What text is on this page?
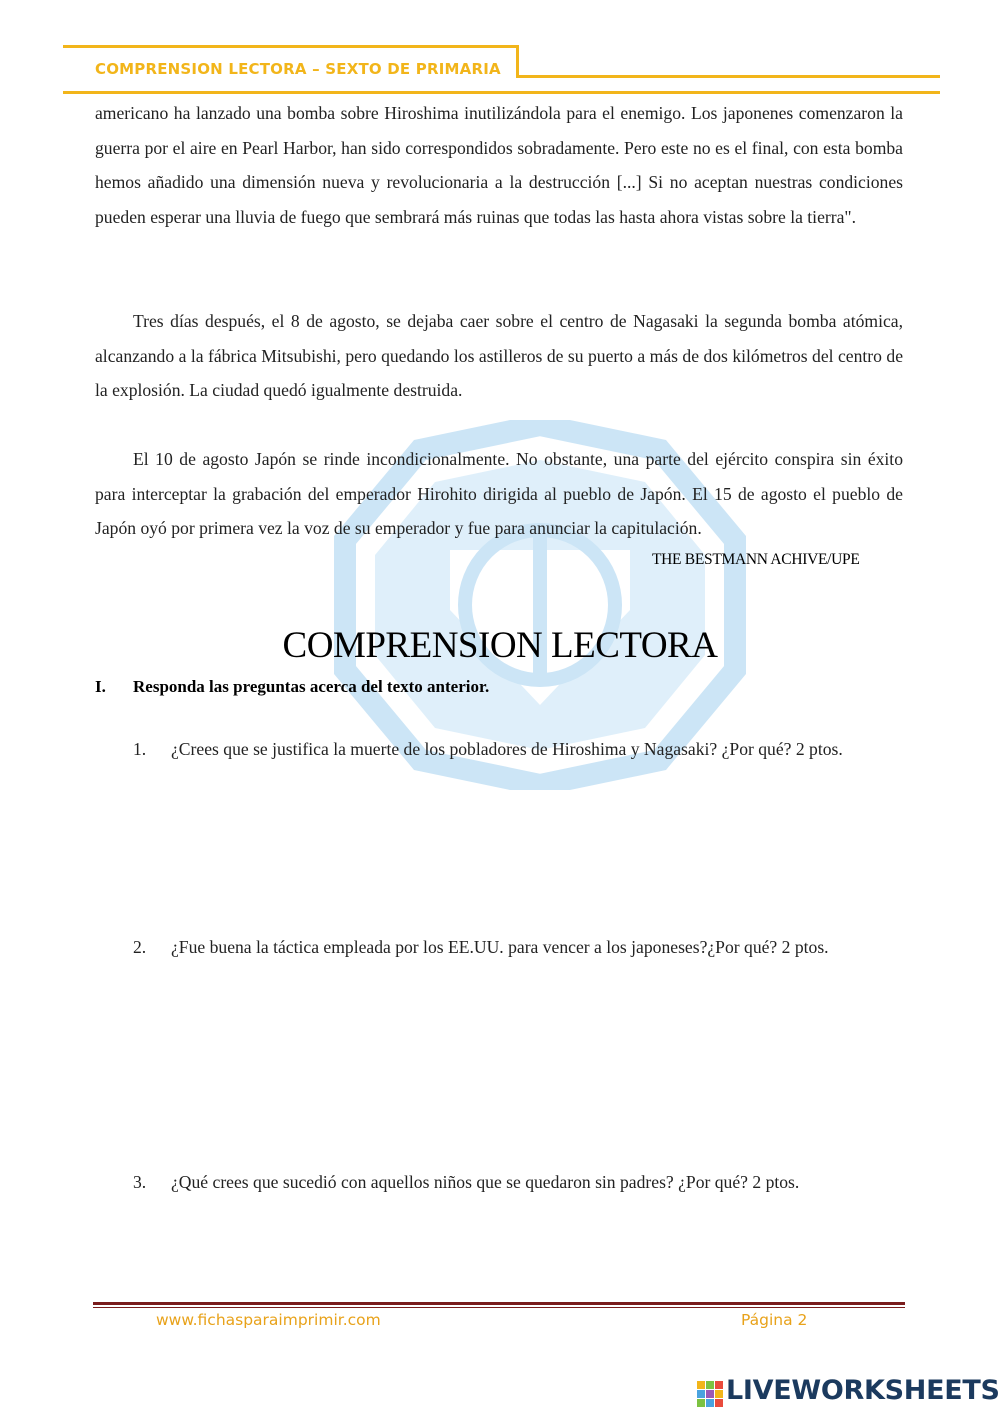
COMPRENSION LECTORA – SEXTO DE PRIMARIA
americano ha lanzado una bomba sobre Hiroshima inutilizándola para el enemigo. Los japonenes comenzaron la guerra por el aire en Pearl Harbor, han sido correspondidos sobradamente. Pero este no es el final, con esta bomba hemos añadido una dimensión nueva y revolucionaria a la destrucción [...] Si no aceptan nuestras condiciones pueden esperar una lluvia de fuego que sembrará más ruinas que todas las hasta ahora vistas sobre la tierra".
Tres días después, el 8 de agosto, se dejaba caer sobre el centro de Nagasaki la segunda bomba atómica, alcanzando a la fábrica Mitsubishi, pero quedando los astilleros de su puerto a más de dos kilómetros del centro de la explosión. La ciudad quedó igualmente destruida.
El 10 de agosto Japón se rinde incondicionalmente. No obstante, una parte del ejército conspira sin éxito para interceptar la grabación del emperador Hirohito dirigida al pueblo de Japón. El 15 de agosto el pueblo de Japón oyó por primera vez la voz de su emperador y fue para anunciar la capitulación.
THE BESTMANN ACHIVE/UPE
COMPRENSION LECTORA
I. Responda las preguntas acerca del texto anterior.
1. ¿Crees que se justifica la muerte de los pobladores de Hiroshima y Nagasaki? ¿Por qué? 2 ptos.
2. ¿Fue buena la táctica empleada por los EE.UU. para vencer a los japoneses?¿Por qué? 2 ptos.
3. ¿Qué crees que sucedió con aquellos niños que se quedaron sin padres? ¿Por qué? 2 ptos.
www.fichasparaimprimir.com	Página 2
LIVEWORKSHEETS
